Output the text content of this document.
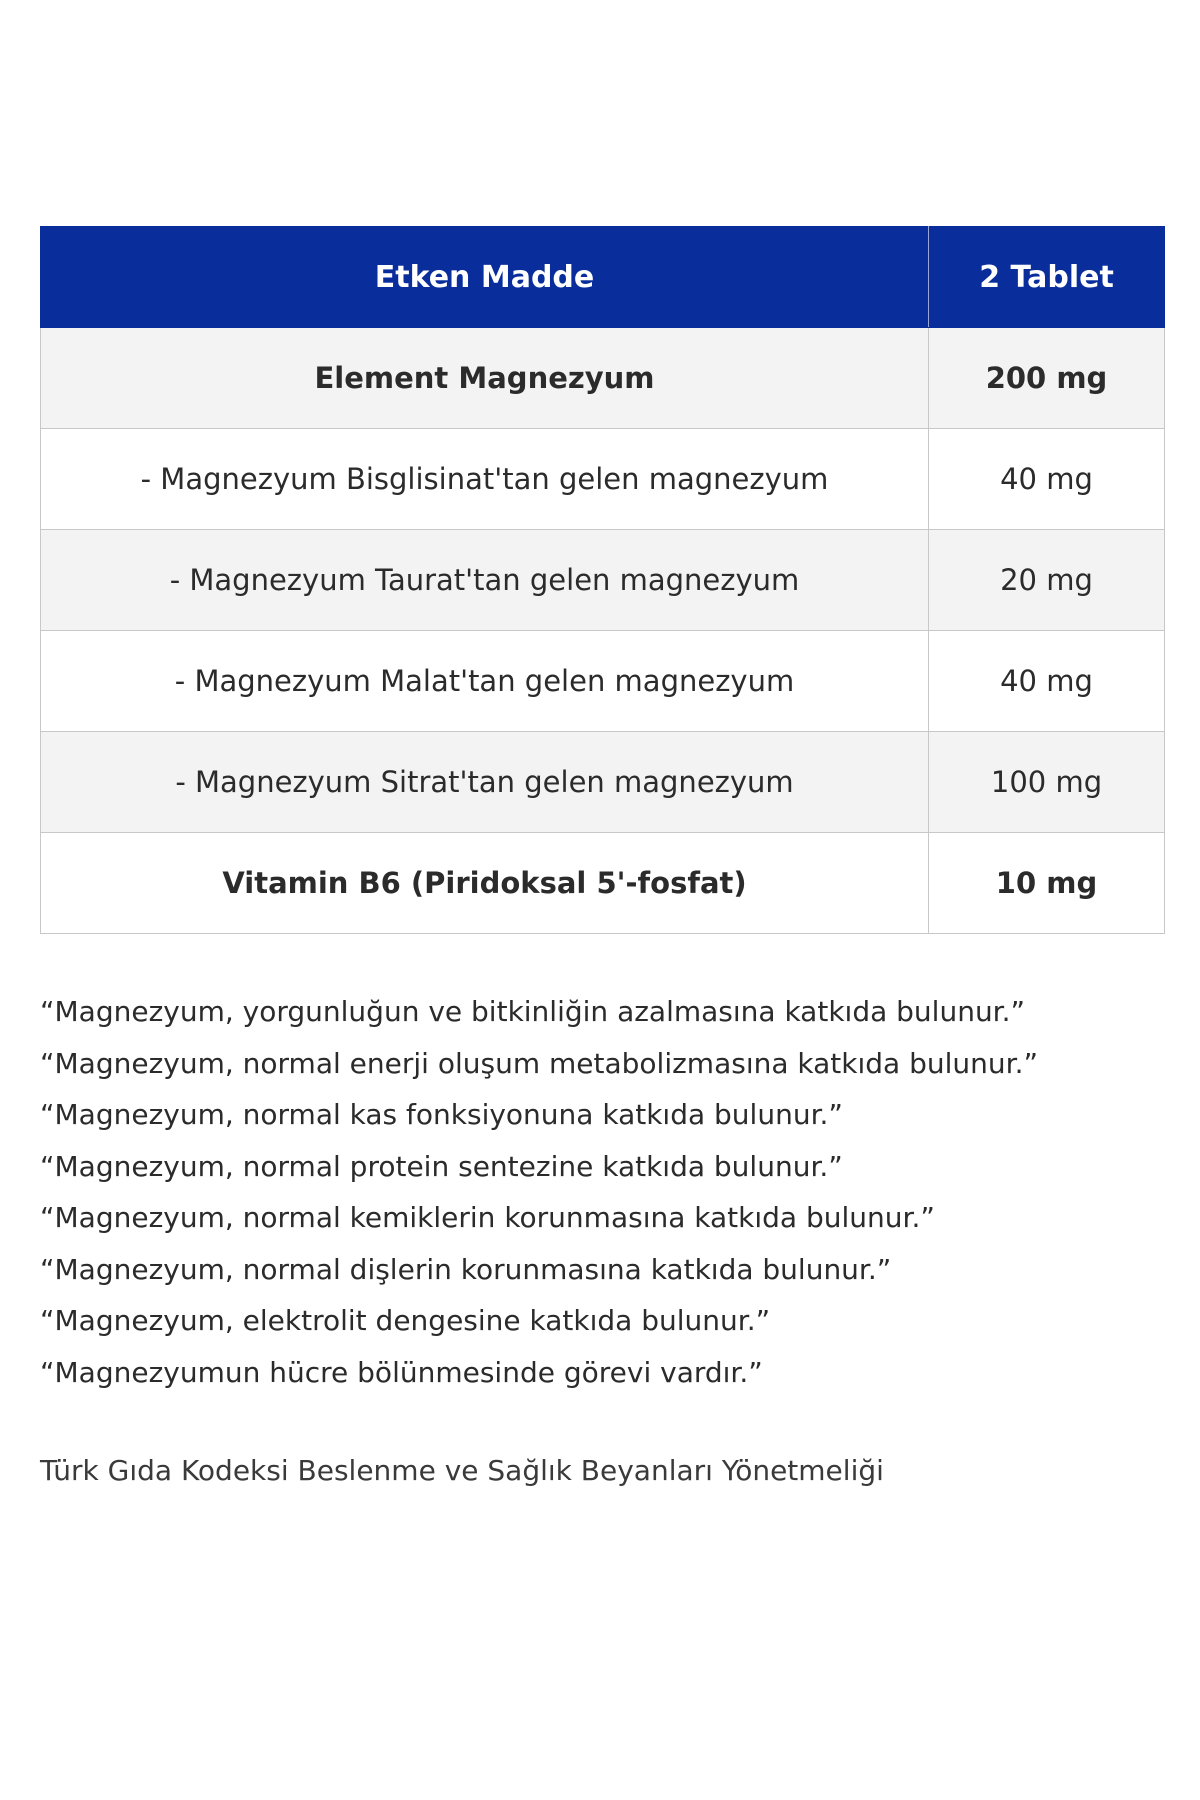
Etken Madde	2 Tablet
Element Magnezyum	200 mg
- Magnezyum Bisglisinat'tan gelen magnezyum	40 mg
- Magnezyum Taurat'tan gelen magnezyum	20 mg
- Magnezyum Malat'tan gelen magnezyum	40 mg
- Magnezyum Sitrat'tan gelen magnezyum	100 mg
Vitamin B6 (Piridoksal 5'-fosfat)	10 mg
“Magnezyum, yorgunluğun ve bitkinliğin azalmasına katkıda bulunur.”
“Magnezyum, normal enerji oluşum metabolizmasına katkıda bulunur.”
“Magnezyum, normal kas fonksiyonuna katkıda bulunur.”
“Magnezyum, normal protein sentezine katkıda bulunur.”
“Magnezyum, normal kemiklerin korunmasına katkıda bulunur.”
“Magnezyum, normal dişlerin korunmasına katkıda bulunur.”
“Magnezyum, elektrolit dengesine katkıda bulunur.”
“Magnezyumun hücre bölünmesinde görevi vardır.”
Türk Gıda Kodeksi Beslenme ve Sağlık Beyanları Yönetmeliği
